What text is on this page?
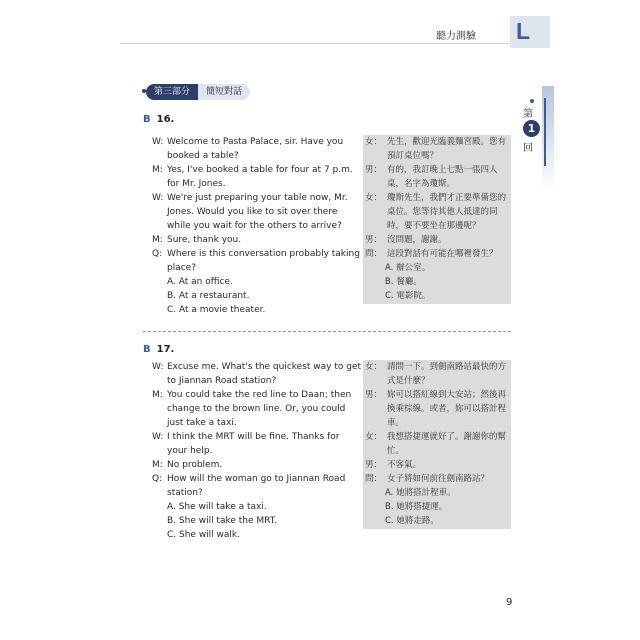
聽力測驗 L
第
1
回
第三部分	簡短對話
B 16.
W: Welcome to Pasta Palace, sir. Have you booked a table?
M: Yes, I've booked a table for four at 7 p.m. for Mr. Jones.
W: We're just preparing your table now, Mr. Jones. Would you like to sit over there while you wait for the others to arrive?
M: Sure, thank you.
Q: Where is this conversation probably taking place?
A. At an office.
B. At a restaurant.
C. At a movie theater.
女： 先生，歡迎光臨義麵宮殿。您有預訂桌位嗎？
男： 有的，我訂晚上七點一張四人桌，名字為瓊斯。
女： 瓊斯先生，我們才正要準備您的桌位。您等待其他人抵達的同時，要不要坐在那邊呢？
男： 沒問題，謝謝。
問： 這段對話有可能在哪裡發生？
A. 辦公室。
B. 餐廳。
C. 電影院。
B 17.
W: Excuse me. What's the quickest way to get to Jiannan Road station?
M: You could take the red line to Daan; then change to the brown line. Or, you could just take a taxi.
W: I think the MRT will be fine. Thanks for your help.
M: No problem.
Q: How will the woman go to Jiannan Road station?
A. She will take a taxi.
B. She will take the MRT.
C. She will walk.
女： 請問一下。到劍南路站最快的方式是什麼？
男： 妳可以搭紅線到大安站；然後再換乘棕線。或者，妳可以搭計程車。
女： 我想搭捷運就好了。謝謝你的幫忙。
男： 不客氣。
問： 女子將如何前往劍南路站？
A. 她將搭計程車。
B. 她將搭捷運。
C. 她將走路。
9
